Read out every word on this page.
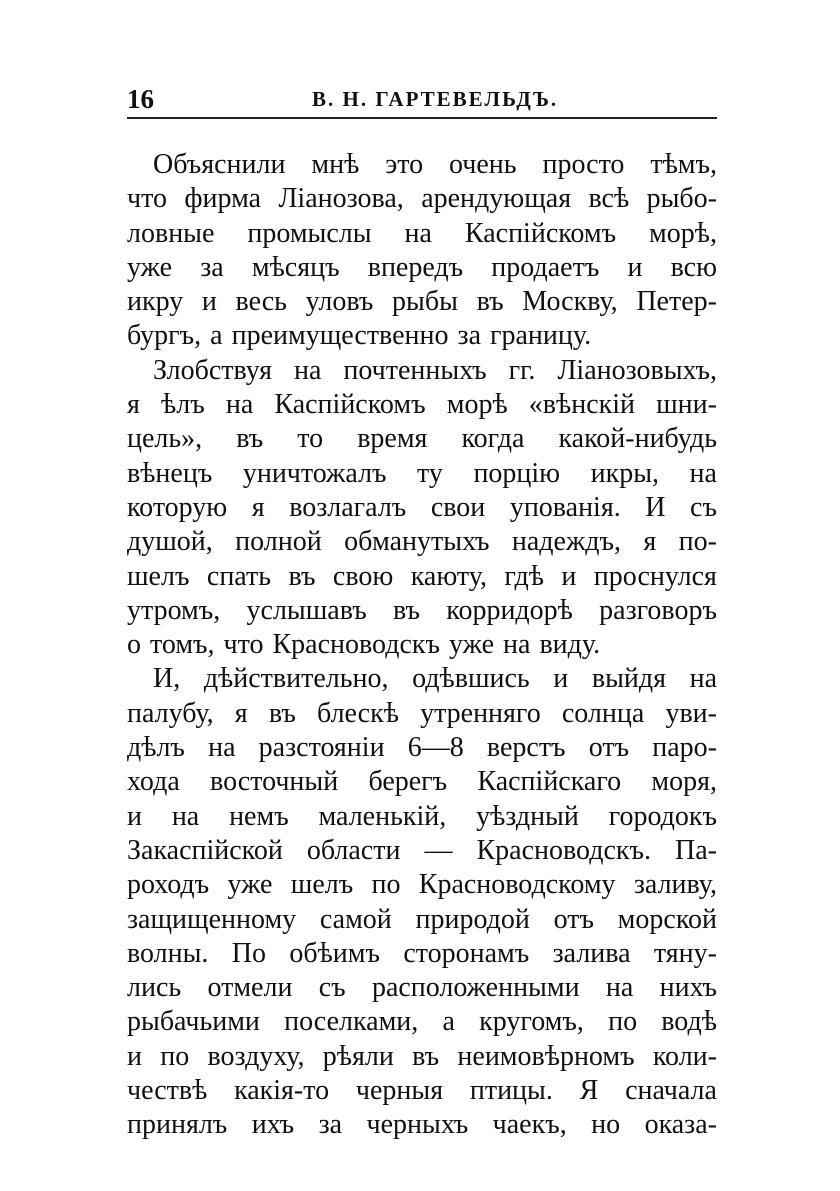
16	В. Н. ГАРТЕВЕЛЬДЪ.
Объяснили мнѣ это очень просто тѣмъ,
что фирма Ліанозова, арендующая всѣ рыбо-
ловные промыслы на Каспійскомъ морѣ,
уже за мѣсяцъ впередъ продаетъ и всю
икру и весь уловъ рыбы въ Москву, Петер-
бургъ, а преимущественно за границу.
Злобствуя на почтенныхъ гг. Ліанозовыхъ,
я ѣлъ на Каспійскомъ морѣ «вѣнскій шни-
цель», въ то время когда какой-нибудь
вѣнецъ уничтожалъ ту порцію икры, на
которую я возлагалъ свои упованія. И съ
душой, полной обманутыхъ надеждъ, я по-
шелъ спать въ свою каюту, гдѣ и проснулся
утромъ, услышавъ въ корридорѣ разговоръ
о томъ, что Красноводскъ уже на виду.
И, дѣйствительно, одѣвшись и выйдя на
палубу, я въ блескѣ утренняго солнца уви-
дѣлъ на разстояніи 6—8 верстъ отъ паро-
хода восточный берегъ Каспійскаго моря,
и на немъ маленькій, уѣздный городокъ
Закаспійской области — Красноводскъ. Па-
роходъ уже шелъ по Красноводскому заливу,
защищенному самой природой отъ морской
волны. По обѣимъ сторонамъ залива тяну-
лись отмели съ расположенными на нихъ
рыбачьими поселками, а кругомъ, по водѣ
и по воздуху, рѣяли въ неимовѣрномъ коли-
чествѣ какія-то черныя птицы. Я сначала
принялъ ихъ за черныхъ чаекъ, но оказа-
